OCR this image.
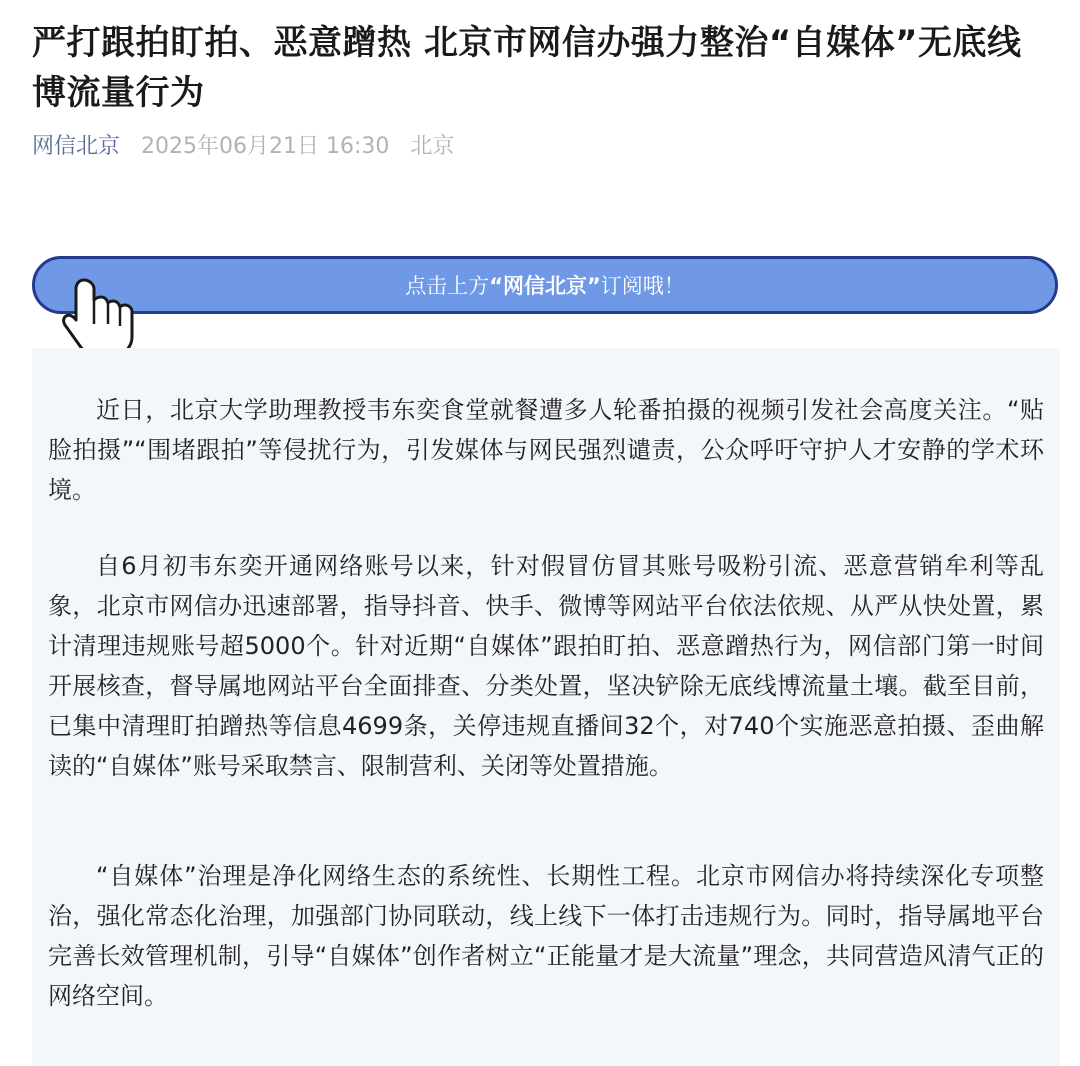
严打跟拍盯拍、恶意蹭热 北京市网信办强力整治“自媒体”无底线博流量行为
网信北京 2025年06月21日 16:30 北京
点击上方 “网信北京” 订阅哦！

近日，北京大学助理教授韦东奕食堂就餐遭多人轮番拍摄的视频引发社会高度关注。“贴脸拍摄”“围堵跟拍”等侵扰行为，引发媒体与网民强烈谴责，公众呼吁守护人才安静的学术环境。

自6月初韦东奕开通网络账号以来，针对假冒仿冒其账号吸粉引流、恶意营销牟利等乱象，北京市网信办迅速部署，指导抖音、快手、微博等网站平台依法依规、从严从快处置，累计清理违规账号超5000个。针对近期“自媒体”跟拍盯拍、恶意蹭热行为，网信部门第一时间开展核查，督导属地网站平台全面排查、分类处置，坚决铲除无底线博流量土壤。截至目前，已集中清理盯拍蹭热等信息4699条，关停违规直播间32个，对740个实施恶意拍摄、歪曲解读的“自媒体”账号采取禁言、限制营利、关闭等处置措施。

“自媒体”治理是净化网络生态的系统性、长期性工程。北京市网信办将持续深化专项整治，强化常态化治理，加强部门协同联动，线上线下一体打击违规行为。同时，指导属地平台完善长效管理机制，引导“自媒体”创作者树立“正能量才是大流量”理念，共同营造风清气正的网络空间。
